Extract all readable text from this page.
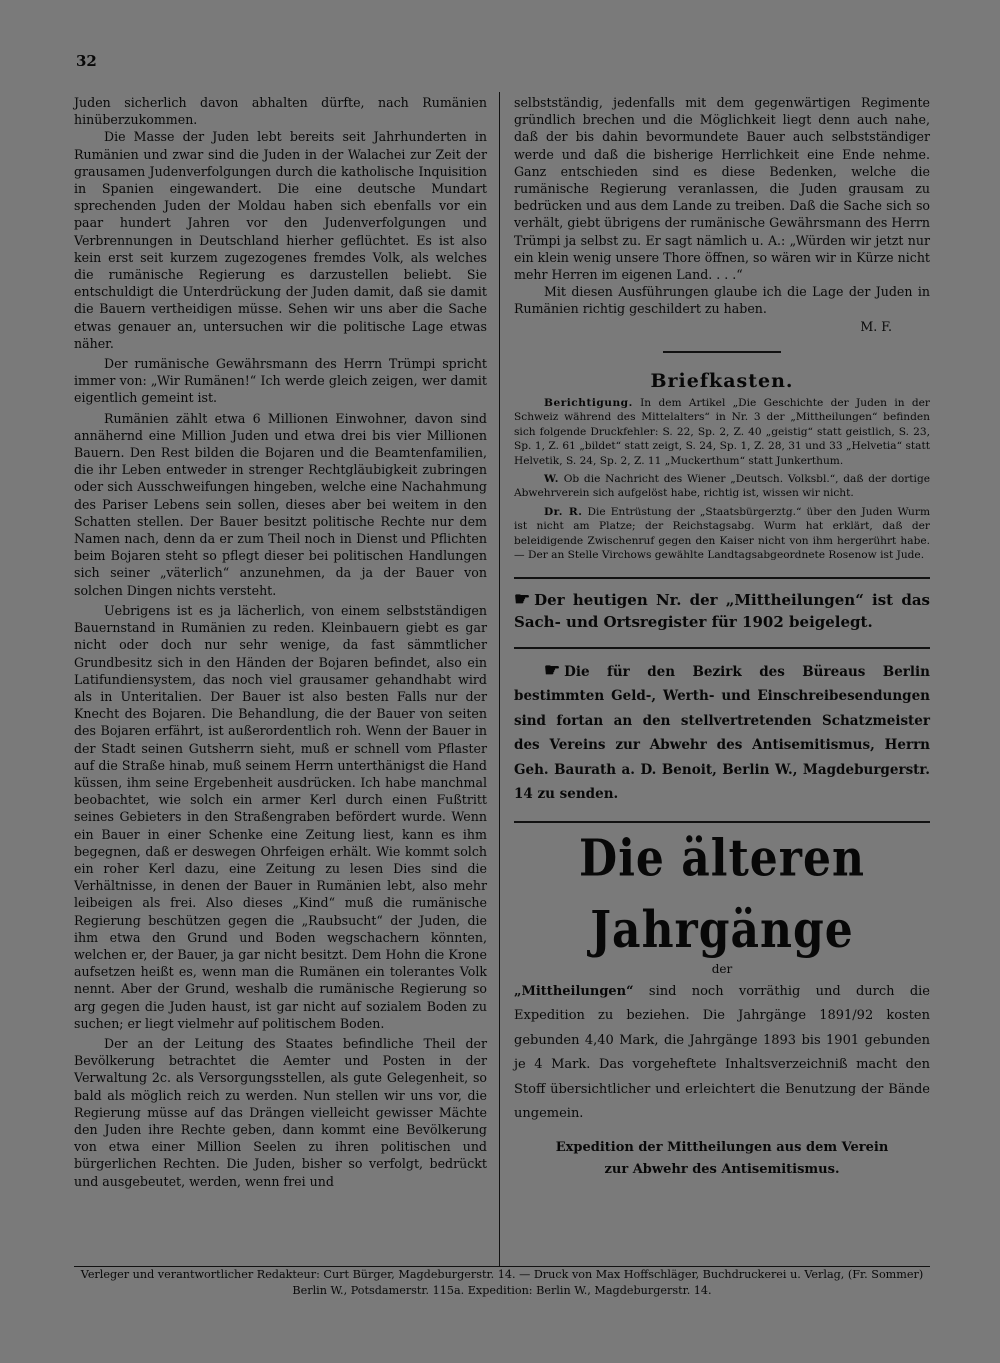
32

Juden sicherlich davon abhalten dürfte, nach Rumänien hinüberzukommen.

Die Masse der Juden lebt bereits seit Jahrhunderten in Rumänien und zwar sind die Juden in der Walachei zur Zeit der grausamen Judenverfolgungen durch die katholische Inquisition in Spanien eingewandert. Die eine deutsche Mundart sprechenden Juden der Moldau haben sich ebenfalls vor ein paar hundert Jahren vor den Judenverfolgungen und Verbrennungen in Deutschland hierher geflüchtet. Es ist also kein erst seit kurzem zugezogenes fremdes Volk, als welches die rumänische Regierung es darzustellen beliebt. Sie entschuldigt die Unterdrückung der Juden damit, daß sie damit die Bauern vertheidigen müsse. Sehen wir uns aber die Sache etwas genauer an, untersuchen wir die politische Lage etwas näher.

Der rumänische Gewährsmann des Herrn Trümpi spricht immer von: „Wir Rumänen!“ Ich werde gleich zeigen, wer damit eigentlich gemeint ist.

Rumänien zählt etwa 6 Millionen Einwohner, davon sind annähernd eine Million Juden und etwa drei bis vier Millionen Bauern. Den Rest bilden die Bojaren und die Beamtenfamilien, die ihr Leben entweder in strenger Rechtgläubigkeit zubringen oder sich Ausschweifungen hingeben, welche eine Nachahmung des Pariser Lebens sein sollen, dieses aber bei weitem in den Schatten stellen. Der Bauer besitzt politische Rechte nur dem Namen nach, denn da er zum Theil noch in Dienst und Pflichten beim Bojaren steht so pflegt dieser bei politischen Handlungen sich seiner „väterlich“ anzunehmen, da ja der Bauer von solchen Dingen nichts versteht.

Uebrigens ist es ja lächerlich, von einem selbstständigen Bauernstand in Rumänien zu reden. Kleinbauern giebt es gar nicht oder doch nur sehr wenige, da fast sämmtlicher Grundbesitz sich in den Händen der Bojaren befindet, also ein Latifundiensystem, das noch viel grausamer gehandhabt wird als in Unteritalien. Der Bauer ist also besten Falls nur der Knecht des Bojaren. Die Behandlung, die der Bauer von seiten des Bojaren erfährt, ist außerordentlich roh. Wenn der Bauer in der Stadt seinen Gutsherrn sieht, muß er schnell vom Pflaster auf die Straße hinab, muß seinem Herrn unterthänigst die Hand küssen, ihm seine Ergebenheit ausdrücken. Ich habe manchmal beobachtet, wie solch ein armer Kerl durch einen Fußtritt seines Gebieters in den Straßengraben befördert wurde. Wenn ein Bauer in einer Schenke eine Zeitung liest, kann es ihm begegnen, daß er deswegen Ohrfeigen erhält. Wie kommt solch ein roher Kerl dazu, eine Zeitung zu lesen Dies sind die Verhältnisse, in denen der Bauer in Rumänien lebt, also mehr leibeigen als frei. Also dieses „Kind“ muß die rumänische Regierung beschützen gegen die „Raubsucht“ der Juden, die ihm etwa den Grund und Boden wegschachern könnten, welchen er, der Bauer, ja gar nicht besitzt. Dem Hohn die Krone aufsetzen heißt es, wenn man die Rumänen ein tolerantes Volk nennt. Aber der Grund, weshalb die rumänische Regierung so arg gegen die Juden haust, ist gar nicht auf sozialem Boden zu suchen; er liegt vielmehr auf politischem Boden.

Der an der Leitung des Staates befindliche Theil der Bevölkerung betrachtet die Aemter und Posten in der Verwaltung 2c. als Versorgungsstellen, als gute Gelegenheit, so bald als möglich reich zu werden. Nun stellen wir uns vor, die Regierung müsse auf das Drängen vielleicht gewisser Mächte den Juden ihre Rechte geben, dann kommt eine Bevölkerung von etwa einer Million Seelen zu ihren politischen und bürgerlichen Rechten. Die Juden, bisher so verfolgt, bedrückt und ausgebeutet, werden, wenn frei und

selbstständig, jedenfalls mit dem gegenwärtigen Regimente gründlich brechen und die Möglichkeit liegt denn auch nahe, daß der bis dahin bevormundete Bauer auch selbstständiger werde und daß die bisherige Herrlichkeit eine Ende nehme. Ganz entschieden sind es diese Bedenken, welche die rumänische Regierung veranlassen, die Juden grausam zu bedrücken und aus dem Lande zu treiben. Daß die Sache sich so verhält, giebt übrigens der rumänische Gewährsmann des Herrn Trümpi ja selbst zu. Er sagt nämlich u. A.: „Würden wir jetzt nur ein klein wenig unsere Thore öffnen, so wären wir in Kürze nicht mehr Herren im eigenen Land. . . .“

Mit diesen Ausführungen glaube ich die Lage der Juden in Rumänien richtig geschildert zu haben.

M. F.
Briefkasten.

Berichtigung. In dem Artikel „Die Geschichte der Juden in der Schweiz während des Mittelalters“ in Nr. 3 der „Mittheilungen“ befinden sich folgende Druckfehler: S. 22, Sp. 2, Z. 40 „geistig“ statt geistlich, S. 23, Sp. 1, Z. 61 „bildet“ statt zeigt, S. 24, Sp. 1, Z. 28, 31 und 33 „Helvetia“ statt Helvetik, S. 24, Sp. 2, Z. 11 „Muckerthum“ statt Junkerthum.

W. Ob die Nachricht des Wiener „Deutsch. Volksbl.“, daß der dortige Abwehrverein sich aufgelöst habe, richtig ist, wissen wir nicht.

Dr. R. Die Entrüstung der „Staatsbürgerztg.“ über den Juden Wurm ist nicht am Platze; der Reichstagsabg. Wurm hat erklärt, daß der beleidigende Zwischenruf gegen den Kaiser nicht von ihm hergerührt habe. — Der an Stelle Virchows gewählte Landtagsabgeordnete Rosenow ist Jude.

☛ Der heutigen Nr. der „Mittheilungen“ ist das Sach- und Ortsregister für 1902 beigelegt.

☛ Die für den Bezirk des Büreaus Berlin bestimmten Geld-, Werth- und Einschreibesendungen sind fortan an den stellvertretenden Schatzmeister des Vereins zur Abwehr des Antisemitismus, Herrn Geh. Baurath a. D. Benoit, Berlin W., Magdeburgerstr. 14 zu senden.

Die älteren Jahrgänge
der

„Mittheilungen“ sind noch vorräthig und durch die Expedition zu beziehen. Die Jahrgänge 1891/92 kosten gebunden 4,40 Mark, die Jahrgänge 1893 bis 1901 gebunden je 4 Mark. Das vorgeheftete Inhaltsverzeichniß macht den Stoff übersichtlicher und erleichtert die Benutzung der Bände ungemein.

Expedition der Mittheilungen aus dem Verein
zur Abwehr des Antisemitismus.
Verleger und verantwortlicher Redakteur: Curt Bürger, Magdeburgerstr. 14. — Druck von Max Hoffschläger, Buchdruckerei u. Verlag, (Fr. Sommer)
Berlin W., Potsdamerstr. 115a. Expedition: Berlin W., Magdeburgerstr. 14.
